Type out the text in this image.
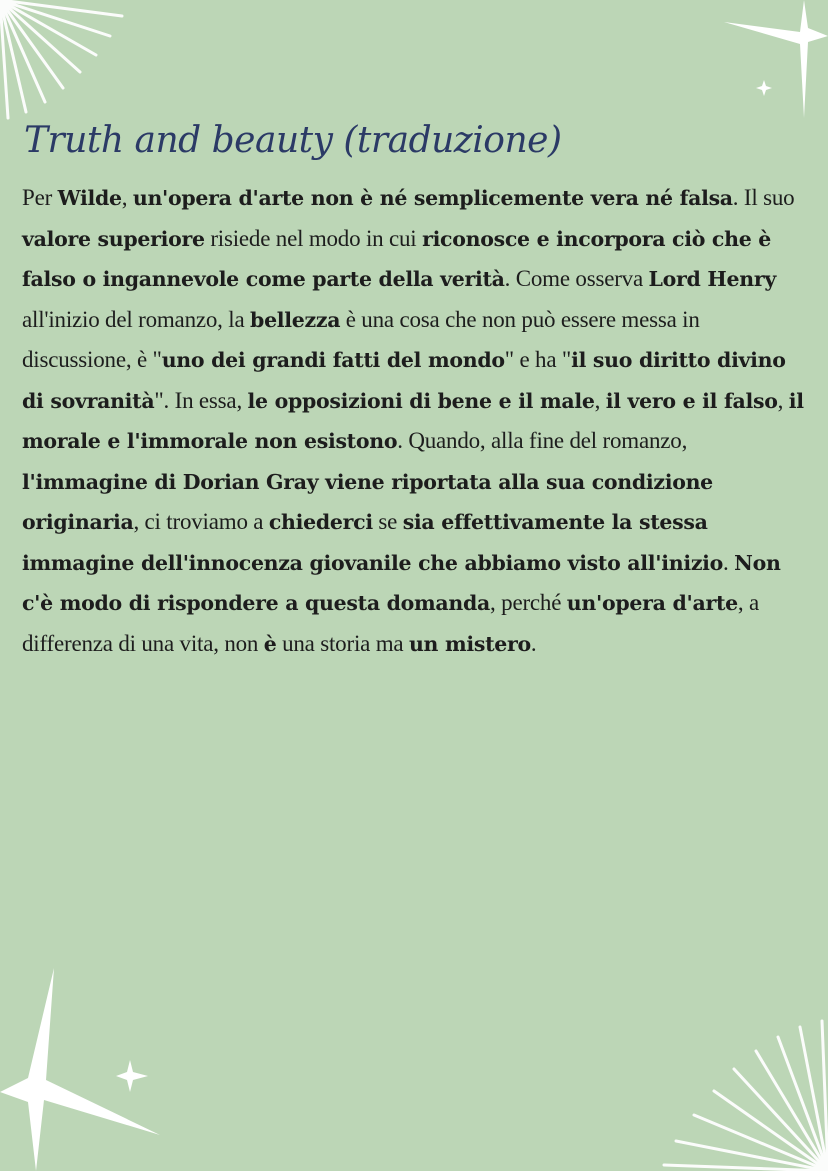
Truth and beauty (traduzione)

Per Wilde, un'opera d'arte non è né semplicemente vera né falsa. Il suo valore superiore risiede nel modo in cui riconosce e incorpora ciò che è falso o ingannevole come parte della verità. Come osserva Lord Henry all'inizio del romanzo, la bellezza è una cosa che non può essere messa in discussione, è "uno dei grandi fatti del mondo" e ha "il suo diritto divino di sovranità". In essa, le opposizioni di bene e il male, il vero e il falso, il morale e l'immorale non esistono. Quando, alla fine del romanzo, l'immagine di Dorian Gray viene riportata alla sua condizione originaria, ci troviamo a chiederci se sia effettivamente la stessa immagine dell'innocenza giovanile che abbiamo visto all'inizio. Non c'è modo di rispondere a questa domanda, perché un'opera d'arte, a differenza di una vita, non è una storia ma un mistero.
